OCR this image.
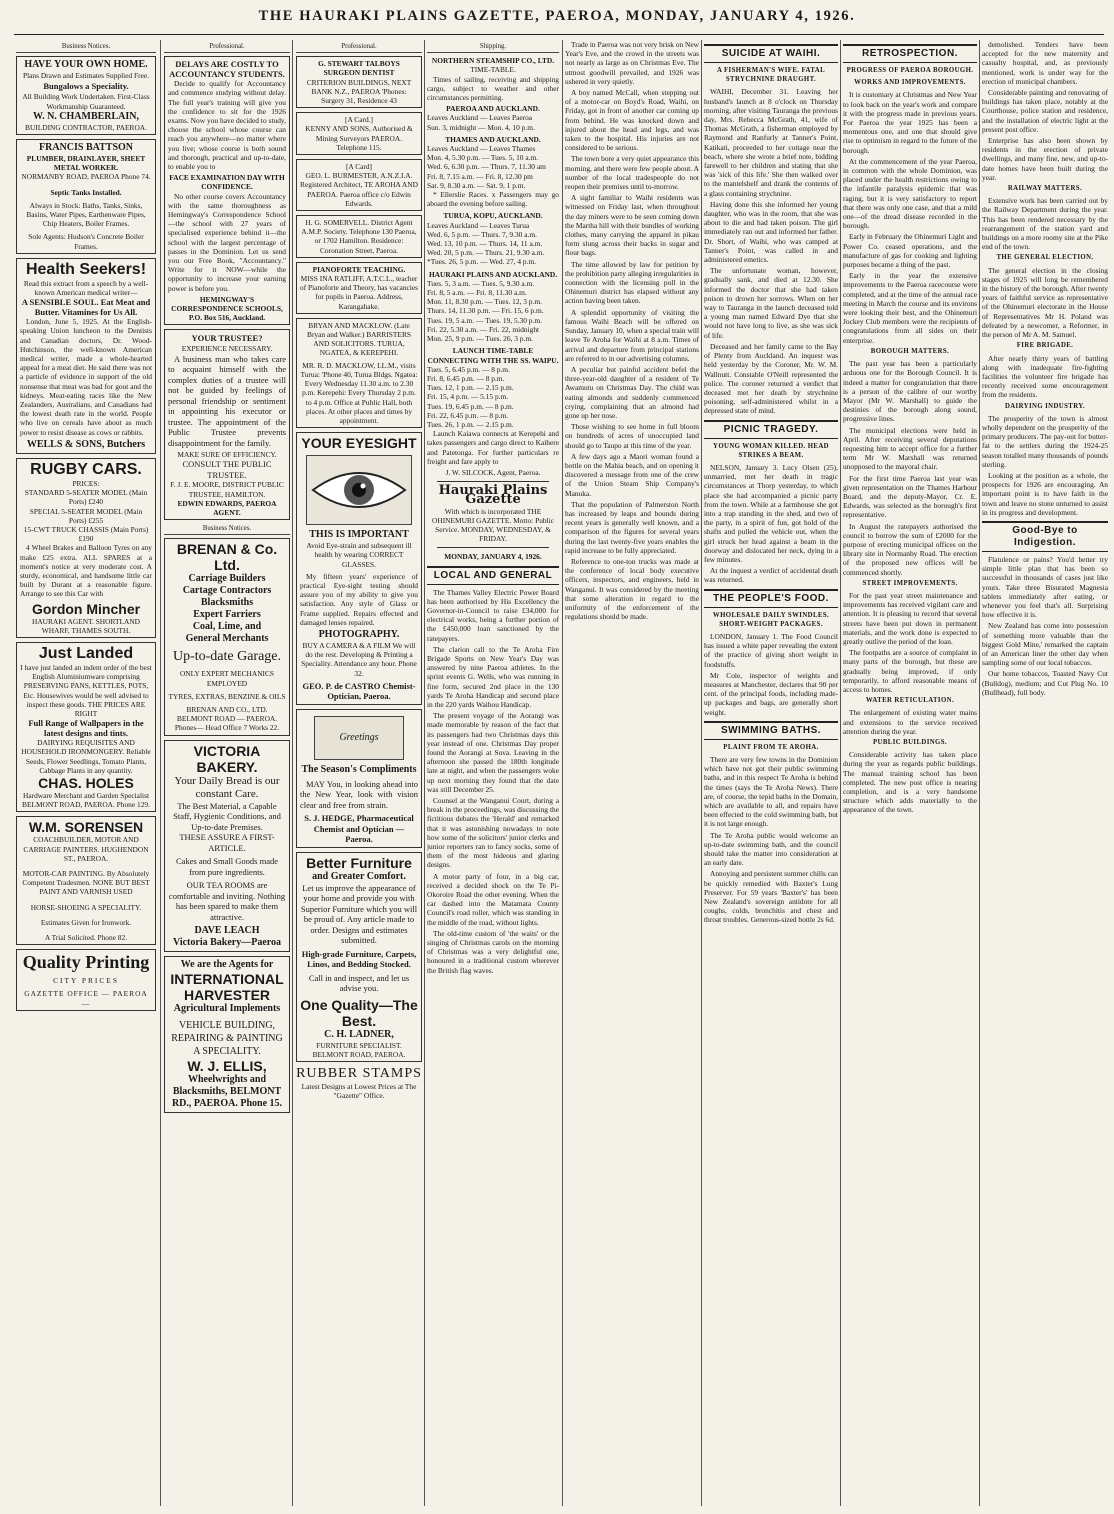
THE HAURAKI PLAINS GAZETTE, PAEROA, MONDAY, JANUARY 4, 1926.
Business Notices.
HAVE YOUR OWN HOME.
Plans Drawn and Estimates Supplied Free.
Bungalows a Speciality.
All Building Work Undertaken. First-Class Workmanship Guaranteed.
W. N. CHAMBERLAIN,
BUILDING CONTRACTOR, PAEROA.
FRANCIS BATTSON
PLUMBER, DRAINLAYER, SHEET METAL WORKER.
NORMANBY ROAD, PAEROA Phone 74.
Septic Tanks Installed.
Always in Stock: Baths, Tanks, Sinks, Basins, Water Pipes, Earthenware Pipes, Chip Heaters, Boiler Frames.
Sole Agents: Hudson's Concrete Boiler Frames.
Health Seekers!
Read this extract from a speech by a well-known American medical writer—
A SENSIBLE SOUL. Eat Meat and Butter. Vitamines for Us All.
London, June 5, 1925. At the English-speaking Union luncheon to the Dentists and Canadian doctors, Dr. Wood-Hutchinson, the well-known American medical writer, made a whole-hearted appeal for a meat diet. He said there was not a particle of evidence in support of the old nonsense that meat was bad for gout and the kidneys. Meat-eating races like the New Zealanders, Australians, and Canadians had the lowest death rate in the world. People who live on cereals have about as much power to resist disease as cows or rabbits.
WELLS & SONS, Butchers
RUGBY CARS.
PRICES:
STANDARD 5-SEATER MODEL (Main Ports) £240
SPECIAL 5-SEATER MODEL (Main Ports) £255
15-CWT TRUCK CHASSIS (Main Ports) £190
4 Wheel Brakes and Balloon Tyres on any make £25 extra. ALL SPARES at a moment's notice at very moderate cost. A sturdy, economical, and handsome little car built by Durant at a reasonable figure. Arrange to see this Car with
Gordon Mincher
HAURAKI AGENT. SHORTLAND WHARF, THAMES SOUTH.
Just Landed
I have just landed an indent order of the best English Aluminiumware comprising PRESERVING PANS, KETTLES, POTS, Etc. Housewives would be well advised to inspect these goods. THE PRICES ARE RIGHT
Full Range of Wallpapers in the latest designs and tints.
DAIRYING REQUISITES AND HOUSEHOLD IRONMONGERY. Reliable Seeds, Flower Seedlings, Tomato Plants, Cabbage Plants in any quantity.
CHAS. HOLES
Hardware Merchant and Garden Specialist BELMONT ROAD, PAEROA. Phone 129.
W.M. SORENSEN
COACHBUILDER, MOTOR AND CARRIAGE PAINTERS. HUGHENDON ST., PAEROA.
MOTOR-CAR PAINTING. By Absolutely Competent Tradesmen. NONE BUT BEST PAINT AND VARNISH USED
HORSE-SHOEING A SPECIALITY.
Estimates Given for Ironwork.
A Trial Solicited. Phone 82.
Quality Printing
CITY PRICES
GAZETTE OFFICE — PAEROA —
Professional.
DELAYS ARE COSTLY TO ACCOUNTANCY STUDENTS.
Decide to qualify for Accountancy and commence studying without delay. The full year's training will give you the confidence to sit for the 1926 exams. Now you have decided to study, choose the school whose course can reach you anywhere—no matter where you live; whose course is both sound and thorough, practical and up-to-date, to enable you to
FACE EXAMINATION DAY WITH CONFIDENCE.
No other course covers Accountancy with the same thoroughness as Hemingway's Correspondence School—the school with 27 years of specialised experience behind it—the school with the largest percentage of passes in the Dominion. Let us send you our Free Book, "Accountancy." Write for it NOW—while the opportunity to increase your earning power is before you.
HEMINGWAY'S CORRESPONDENCE SCHOOLS, P.O. Box 516, Auckland.
YOUR TRUSTEE?
EXPERIENCE NECESSARY.
A business man who takes care to acquaint himself with the complex duties of a trustee will not be guided by feelings of personal friendship or sentiment in appointing his executor or trustee. The appointment of the Public Trustee prevents disappointment for the family.
MAKE SURE OF EFFICIENCY.
CONSULT THE PUBLIC TRUSTEE.
F. J. E. MOORE, DISTRICT PUBLIC TRUSTEE, HAMILTON.
EDWIN EDWARDS, PAEROA AGENT.
Business Notices.
BRENAN & Co. Ltd.
Carriage Builders
Cartage Contractors
Blacksmiths
Expert Farriers
Coal, Lime, and
General Merchants
Up-to-date Garage.
ONLY EXPERT MECHANICS EMPLOYED
TYRES, EXTRAS, BENZINE & OILS
BRENAN AND CO., LTD. BELMONT ROAD — PAEROA.
Phones— Head Office 7 Works 22.
VICTORIA BAKERY.
Your Daily Bread is our constant Care.
The Best Material, a Capable Staff, Hygienic Conditions, and Up-to-date Premises.
THESE ASSURE A FIRST-ARTICLE.
Cakes and Small Goods made from pure ingredients.
OUR TEA ROOMS are comfortable and inviting. Nothing has been spared to make them attractive.
DAVE LEACH
Victoria Bakery—Paeroa
We are the Agents for
INTERNATIONAL HARVESTER
Agricultural Implements
VEHICLE BUILDING, REPAIRING & PAINTING A SPECIALITY.
W. J. ELLIS,
Wheelwrights and Blacksmiths, BELMONT RD., PAEROA. Phone 15.
Professional.
G. STEWART TALBOYS SURGEON DENTIST
CRITERION BUILDINGS, NEXT BANK N.Z., PAEROA 'Phones: Surgery 31, Residence 43
[A Card.]
KENNY AND SONS, Authorised & Mining Surveyors PAEROA. Telephone 115.
[A Card]
GEO. L. BURMESTER, A.N.Z.I.A. Registered Architect, TE AROHA AND PAEROA. Paeroa office c/o Edwin Edwards.
H. G. SOMERVELL. District Agent A.M.P. Society. Telephone 130 Paeroa, or 1702 Hamilton. Residence: Coronation Street, Paeroa.
PIANOFORTE TEACHING.
MISS INA RATLIFF, A.T.C.L., teacher of Pianoforte and Theory, has vacancies for pupils in Paeroa. Address, Karangahake.
BRYAN AND MACKLOW. (Late Bryan and Walker.) BARRISTERS AND SOLICITORS. TURUA, NGATEA, & KEREPEHI.
MR. R. D. MACKLOW, LL.M., visits Turua: 'Phone 40, Turua Bldgs. Ngatea: Every Wednesday 11.30 a.m. to 2.30 p.m. Kerepehi: Every Thursday 2 p.m. to 4 p.m. Office at Public Hall, both places. At other places and times by appointment.
YOUR EYESIGHT
THIS IS IMPORTANT
Avoid Eye-strain and subsequent ill health by wearing CORRECT GLASSES.
My fifteen years' experience of practical Eye-sight testing should assure you of my ability to give you satisfaction. Any style of Glass or Frame supplied. Repairs effected and damaged lenses repaired.
PHOTOGRAPHY.
BUY A CAMERA & A FILM We will do the rest. Developing & Printing a Speciality. Attendance any hour. Phone 32.
GEO. P. de CASTRO Chemist-Optician, Paeroa.
Greetings
The Season's Compliments
MAY You, in looking ahead into the New Year, look with vision clear and free from strain.
S. J. HEDGE, Pharmaceutical Chemist and Optician — Paeroa.
Better Furniture
and Greater Comfort.
Let us improve the appearance of your home and provide you with Superior Furniture which you will be proud of. Any article made to order. Designs and estimates submitted.
High-grade Furniture, Carpets, Linos, and Bedding Stocked.
Call in and inspect, and let us advise you.
One Quality—The Best.
C. H. LADNER,
FURNITURE SPECIALIST. BELMONT ROAD, PAEROA.
RUBBER STAMPS
Latest Designs at Lowest Prices at The "Gazette" Office.
Shipping.
NORTHERN STEAMSHIP CO., LTD.
TIME-TABLE.
Times of sailing, receiving and shipping cargo, subject to weather and other circumstances permitting.
PAEROA AND AUCKLAND.
Leaves Auckland — Leaves Paeroa
Sun. 3, midnight — Mon. 4, 10 p.m.
THAMES AND AUCKLAND.
Leaves Auckland — Leaves Thames
Mon. 4, 5.30 p.m. — Tues. 5, 10 a.m.
Wed. 6, 6.30 p.m. — Thurs. 7, 11.30 am
Fri. 8, 7.15 a.m. — Fri. 8, 12.30 pm
Sat. 9, 8.30 a.m. — Sat. 9, 1 p.m.
* Ellerslie Races. x Passengers may go aboard the evening before sailing.
TURUA, KOPU, AUCKLAND.
Leaves Auckland — Leaves Turua
Wed. 6, 5 p.m. — Thurs. 7, 9.30 a.m.
Wed. 13, 10 p.m. — Thurs. 14, 11 a.m.
Wed. 20, 5 p.m. — Thurs. 21, 9.30 a.m.
*Tues. 26, 5 p.m. — Wed. 27, 4 p.m.
HAURAKI PLAINS AND AUCKLAND.
Tues. 5, 3 a.m. — Tues. 5, 9.30 a.m.
Fri. 8, 5 a.m. — Fri. 8, 11.30 a.m.
Mon. 11, 8.30 p.m. — Tues. 12, 3 p.m.
Thurs. 14, 11.30 p.m. — Fri. 15, 6 p.m.
Tues. 19, 5 a.m. — Tues. 19, 5.30 p.m.
Fri. 22, 5.30 a.m. — Fri. 22, midnight
Mon. 25, 9 p.m. — Tues. 26, 3 p.m.
LAUNCH TIME-TABLE CONNECTING WITH THE SS. WAIPU.
Tues. 5, 6.45 p.m. — 8 p.m.
Fri. 8, 6.45 p.m. — 8 p.m.
Tues. 12, 1 p.m. — 2.15 p.m.
Fri. 15, 4 p.m. — 5.15 p.m.
Tues. 19, 6.45 p.m. — 8 p.m.
Fri. 22, 6.45 p.m. — 8 p.m.
Tues. 26, 1 p.m. — 2.15 p.m.
Launch Kaiawa connects at Kerepehi and takes passengers and cargo direct to Kaihere and Patetonga. For further particulars re freight and fare apply to
J. W. SILCOCK, Agent, Paeroa.
Hauraki Plains Gazette
With which is incorporated THE OHINEMURI GAZETTE. Motto: Public Service. MONDAY, WEDNESDAY, & FRIDAY.
MONDAY, JANUARY 4, 1926.
LOCAL AND GENERAL
The Thames Valley Electric Power Board has been authorised by His Excellency the Governor-in-Council to raise £34,000 for electrical works, being a further portion of the £450,000 loan sanctioned by the ratepayers.
The clarion call to the Te Aroha Fire Brigade Sports on New Year's Day was answered by nine Paeroa athletes. In the sprint events G. Wells, who was running in fine form, secured 2nd place in the 130 yards Te Aroha Handicap and second place in the 220 yards Waihou Handicap.
The present voyage of the Aorangi was made memorable by reason of the fact that its passengers had two Christmas days this year instead of one. Christmas Day proper found the Aorangi at Suva. Leaving in the afternoon she passed the 180th longitude late at night, and when the passengers woke up next morning they found that the date was still December 25.
Counsel at the Wanganui Court, during a break in the proceedings, was discussing the fictitious debates the 'Herald' and remarked that it was astonishing nowadays to note how some of the solicitors' junior clerks and junior reporters ran to fancy socks, some of them of the most hideous and glaring designs.
A motor party of four, in a big car, received a decided shock on the Te Pi-Okoroire Road the other evening. When the car dashed into the Matamata County Council's road roller, which was standing in the middle of the road, without lights.
The old-time custom of 'the waits' or the singing of Christmas carols on the morning of Christmas was a very delightful one, honoured in a traditional custom wherever the British flag waves.
Trade in Paeroa was not very brisk on New Year's Eve, and the crowd in the streets was not nearly as large as on Christmas Eve. The utmost goodwill prevailed, and 1926 was ushered in very quietly.
A boy named McCall, when stepping out of a motor-car on Boyd's Road, Waihi, on Friday, got in front of another car coming up from behind. He was knocked down and injured about the head and legs, and was taken to the hospital. His injuries are not considered to be serious.
The town bore a very quiet appearance this morning, and there were few people about. A number of the local tradespeople do not reopen their premises until to-morrow.
A sight familiar to Waihi residents was witnessed on Friday last, when throughout the day miners were to be seen coming down the Martha hill with their bundles of working clothes, many carrying the apparel in pikau form slung across their backs in sugar and flour bags.
The time allowed by law for petition by the prohibition party alleging irregularities in connection with the licensing poll in the Ohinemuri district has elapsed without any action having been taken.
A splendid opportunity of visiting the famous Waihi Beach will be offered on Sunday, January 10, when a special train will leave Te Aroha for Waihi at 8 a.m. Times of arrival and departure from principal stations are referred to in our advertising columns.
A peculiar but painful accident befel the three-year-old daughter of a resident of Te Awamutu on Christmas Day. The child was eating almonds and suddenly commenced crying, complaining that an almond had gone up her nose.
Those wishing to see home in full bloom on hundreds of acres of unoccupied land should go to Taupo at this time of the year.
A few days ago a Maori woman found a bottle on the Mahia beach, and on opening it discovered a message from one of the crew of the Union Steam Ship Company's Manuka.
That the population of Palmerston North has increased by leaps and bounds during recent years is generally well known, and a comparison of the figures for several years during the last twenty-five years enables the rapid increase to be fully appreciated.
Reference to one-ton trucks was made at the conference of local body executive officers, inspectors, and engineers, held in Wanganui. It was considered by the meeting that some alteration in regard to the uniformity of the enforcement of the regulations should be made.
SUICIDE AT WAIHI.
A FISHERMAN'S WIFE. FATAL STRYCHNINE DRAUGHT.
WAIHI, December 31. Leaving her husband's launch at 8 o'clock on Thursday morning, after visiting Tauranga the previous day, Mrs. Rebecca McGrath, 41, wife of Thomas McGrath, a fisherman employed by Raymond and Ranfurly at Tanner's Point, Katikati, proceeded to her cottage near the beach, where she wrote a brief note, bidding farewell to her children and stating that she was 'sick of this life.' She then walked over to the mantelshelf and drank the contents of a glass containing strychnine.
Having done this she informed her young daughter, who was in the room, that she was about to die and had taken poison. The girl immediately ran out and informed her father. Dr. Short, of Waihi, who was camped at Tanner's Point, was called in and administered emetics.
The unfortunate woman, however, gradually sank, and died at 12.30. She informed the doctor that she had taken poison to drown her sorrows. When on her way to Tauranga in the launch deceased told a young man named Edward Dye that she would not have long to live, as she was sick of life.
Deceased and her family came to the Bay of Plenty from Auckland. An inquest was held yesterday by the Coroner, Mr. W. M. Wallnutt. Constable O'Neill represented the police. The coroner returned a verdict that deceased met her death by strychnine poisoning, self-administered whilst in a depressed state of mind.
PICNIC TRAGEDY.
YOUNG WOMAN KILLED. HEAD STRIKES A BEAM.
NELSON, January 3. Lucy Olsen (25), unmarried, met her death in tragic circumstances at Thorp yesterday, to which place she had accompanied a picnic party from the town. While at a farmhouse she got into a trap standing in the shed, and two of the party, in a spirit of fun, got hold of the shafts and pulled the vehicle out, when the girl struck her head against a beam in the doorway and dislocated her neck, dying in a few minutes.
At the inquest a verdict of accidental death was returned.
THE PEOPLE'S FOOD.
WHOLESALE DAILY SWINDLES. SHORT-WEIGHT PACKAGES.
LONDON, January 1. The Food Council has issued a white paper revealing the extent of the practice of giving short weight in foodstuffs.
Mr Cole, inspector of weights and measures at Manchester, declares that 90 per cent. of the principal foods, including made-up packages and bags, are generally short weight.
SWIMMING BATHS.
PLAINT FROM TE AROHA.
There are very few towns in the Dominion which have not got their public swimming baths, and in this respect Te Aroha is behind the times (says the Te Aroha News). There are, of course, the tepid baths in the Domain, which are available to all, and repairs have been effected to the cold swimming bath, but it is not large enough.
The Te Aroha public would welcome an up-to-date swimming bath, and the council should take the matter into consideration at an early date.
Annoying and persistent summer chills can be quickly remedied with Baxter's Lung Preserver. For 59 years 'Baxter's' has been New Zealand's sovereign antidote for all coughs, colds, bronchitis and chest and throat troubles. Generous-sized bottle 2s 6d.
RETROSPECTION.
PROGRESS OF PAEROA BOROUGH.
WORKS AND IMPROVEMENTS.
It is customary at Christmas and New Year to look back on the year's work and compare it with the progress made in previous years. For Paeroa the year 1925 has been a momentous one, and one that should give rise to optimism in regard to the future of the borough.
At the commencement of the year Paeroa, in common with the whole Dominion, was placed under the health restrictions owing to the infantile paralysis epidemic that was raging, but it is very satisfactory to report that there was only one case, and that a mild one—of the dread disease recorded in the borough.
Early in February the Ohinemuri Light and Power Co. ceased operations, and the manufacture of gas for cooking and lighting purposes became a thing of the past.
Early in the year the extensive improvements to the Paeroa racecourse were completed, and at the time of the annual race meeting in March the course and its environs were looking their best, and the Ohinemuri Jockey Club members were the recipients of congratulations from all sides on their enterprise.
BOROUGH MATTERS.
The past year has been a particularly arduous one for the Borough Council. It is indeed a matter for congratulation that there is a person of the calibre of our worthy Mayor (Mr W. Marshall) to guide the destinies of the borough along sound, progressive lines.
The municipal elections were held in April. After receiving several deputations requesting him to accept office for a further term Mr W. Marshall was returned unopposed to the mayoral chair.
For the first time Paeroa last year was given representation on the Thames Harbour Board, and the deputy-Mayor, Cr. E. Edwards, was selected as the borough's first representative.
In August the ratepayers authorised the council to borrow the sum of £2000 for the purpose of erecting municipal offices on the library site in Normanby Road. The erection of the proposed new offices will be commenced shortly.
STREET IMPROVEMENTS.
For the past year street maintenance and improvements has received vigilant care and attention. It is pleasing to record that several streets have been put down in permanent materials, and the work done is expected to greatly outlive the period of the loan.
The footpaths are a source of complaint in many parts of the borough, but these are gradually being improved, if only temporarily, to afford reasonable means of access to homes.
WATER RETICULATION.
The enlargement of existing water mains and extensions to the service received attention during the year.
PUBLIC BUILDINGS.
Considerable activity has taken place during the year as regards public buildings. The manual training school has been completed. The new post office is nearing completion, and is a very handsome structure which adds materially to the appearance of the town.
demolished. Tenders have been accepted for the new maternity and casualty hospital, and, as previously mentioned, work is under way for the erection of municipal chambers.
Considerable painting and renovating of buildings has taken place, notably at the Courthouse, police station and residence, and the installation of electric light at the present post office.
Enterprise has also been shown by residents in the erection of private dwellings, and many fine, new, and up-to-date homes have been built during the year.
RAILWAY MATTERS.
Extensive work has been carried out by the Railway Department during the year. This has been rendered necessary by the rearrangement of the station yard and buildings on a more roomy site at the Pike end of the town.
THE GENERAL ELECTION.
The general election in the closing stages of 1925 will long be remembered in the history of the borough. After twenty years of faithful service as representative of the Ohinemuri electorate in the House of Representatives Mr H. Poland was defeated by a newcomer, a Reformer, in the person of Mr A. M. Samuel.
FIRE BRIGADE.
After nearly thirty years of battling along with inadequate fire-fighting facilities the volunteer fire brigade has recently received some encouragement from the residents.
DAIRYING INDUSTRY.
The prosperity of the town is almost wholly dependent on the prosperity of the primary producers. The pay-out for butter-fat to the settlers during the 1924-25 season totalled many thousands of pounds sterling.
Looking at the position as a whole, the prospects for 1926 are encouraging. An important point is to have faith in the town and leave no stone unturned to assist in its progress and development.
Good-Bye to Indigestion.
Flatulence or pains? You'd better try simple little plan that has been so successful in thousands of cases just like yours. Take three Bisurated Magnesia tablets immediately after eating, or whenever you feel that's all. Surprising how effective it is.
New Zealand has come into possession of something more valuable than the biggest Gold Mine,' remarked the captain of an American liner the other day when sampling some of our local tobaccos.
Our home tobaccos, Toasted Navy Cut (Bulldog), medium; and Cut Plug No. 10 (Bullhead), full body.
